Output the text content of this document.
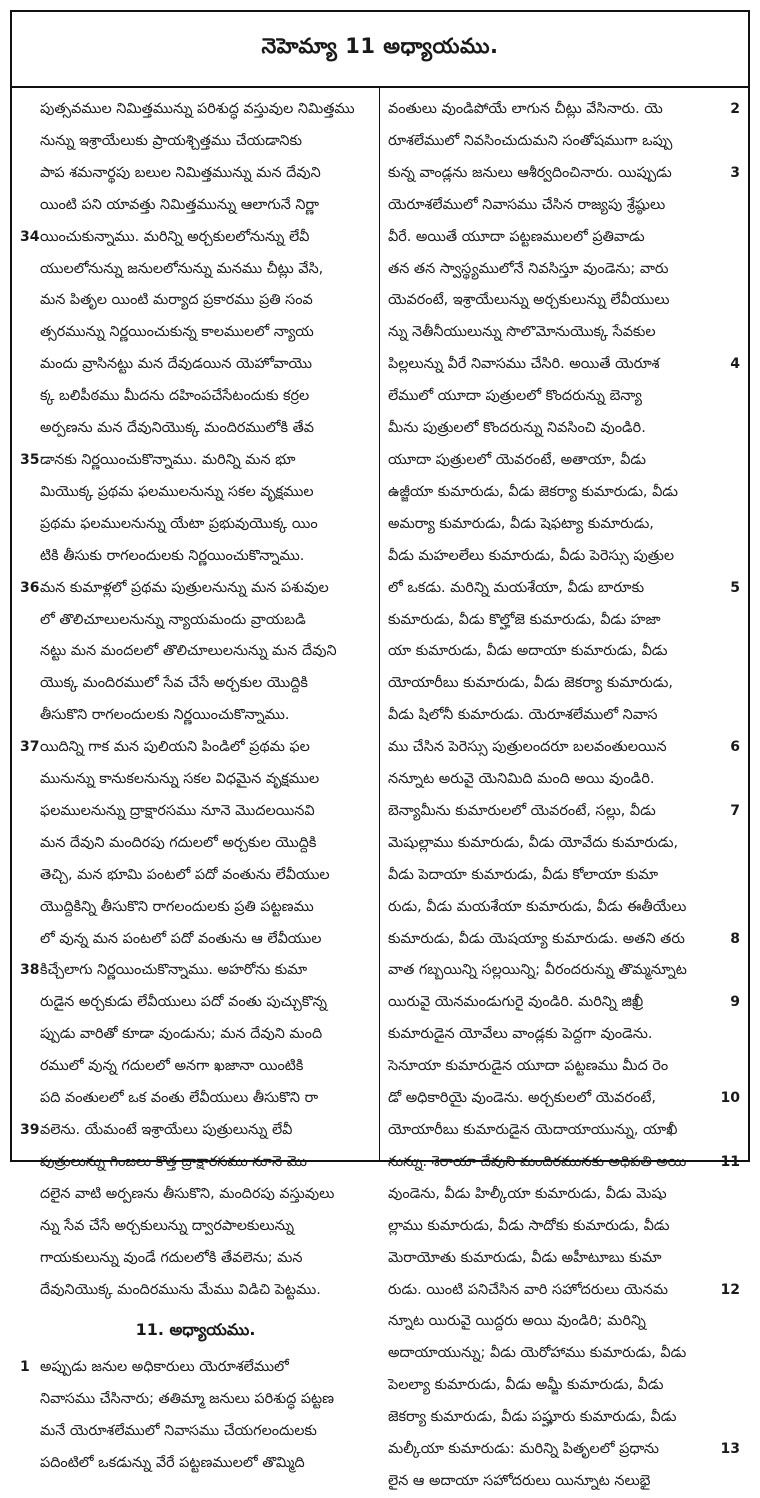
నెహెమ్యా 11 అధ్యాయము.
పుత్సవముల నిమిత్తమున్ను పరిశుద్ధ వస్తువుల నిమిత్తము
నున్ను ఇశ్రాయేలుకు ప్రాయశ్చిత్తము చేయడానికు
పాప శమనార్థపు బలుల నిమిత్తమున్ను మన దేవుని
యింటి పని యావత్తు నిమిత్తమున్ను ఆలాగునే నిర్ణా
34 యించుకున్నాము. మరిన్ని అర్చకులలోనున్ను లేవీ
యులలోనున్ను జనులలోనున్ను మనము చీట్లు వేసి,
మన పితృల యింటి మర్యాద ప్రకారము ప్రతి సంవ
త్సరమున్ను నిర్ణయించుకున్న కాలములలో న్యాయ
మందు వ్రాసినట్టు మన దేవుడయిన యెహోవాయొ
క్క బలిపీఠము మీదను దహింపచేసేటందుకు కర్రల
అర్పణను మన దేవునియొక్క మందిరములోకి తేవ
35 డానకు నిర్ణయించుకొన్నాము. మరిన్ని మన భూ
మియొక్క ప్రథమ ఫలములనున్ను సకల వృక్షముల
ప్రథమ ఫలములనున్ను యేటా ప్రభువుయొక్క యిం
టికి తీసుకు రాగలందులకు నిర్ణయించుకొన్నాము.
36 మన కుమాళ్లలో ప్రథమ పుత్రులనున్ను మన పశువుల
లో తొలిచూలులనున్ను న్యాయమందు వ్రాయబడి
నట్టు మన మందలలో తొలిచూలులనున్ను మన దేవుని
యొక్క మందిరములో సేవ చేసే అర్చకుల యొద్దికి
తీసుకొని రాగలందులకు నిర్ణయించుకొన్నాము.
37 యిదిన్ని గాక మన పులియని పిండిలో ప్రథమ ఫల
మునున్ను కానుకలనున్ను సకల విధమైన వృక్షముల
ఫలములనున్ను ద్రాక్షారసము నూనె మొదలయినవి
మన దేవుని మందిరపు గదులలో అర్చకుల యొద్దికి
తెచ్చి, మన భూమి పంటలో పదో వంతును లేవీయుల
యొద్దికిన్ని తీసుకొని రాగలందులకు ప్రతి పట్టణము
లో వున్న మన పంటలో పదో వంతును ఆ లేవీయుల
38 కిచ్చేలాగు నిర్ణయించుకొన్నాము. అహరోను కుమా
రుడైన అర్చకుడు లేవీయులు పదో వంతు పుచ్చుకొన్న
ప్పుడు వారితో కూడా వుండును; మన దేవుని మంది
రములో వున్న గదులలో అనగా ఖజానా యింటికి
పది వంతులలో ఒక వంతు లేవీయులు తీసుకొని రా
39 వలెను. యేమంటే ఇశ్రాయేలు పుత్రులున్ను లేవీ
పుత్రులున్ను గింజలు కొత్త ద్రాక్షారసము నూనె మొ
దలైన వాటి అర్పణను తీసుకొని, మందిరపు వస్తువులు
న్ను సేవ చేసే అర్చకులున్ను ద్వారపాలకులున్ను
గాయకులున్ను వుండే గదులలోకి తేవలెను; మన
దేవునియొక్క మందిరమును మేము విడిచి పెట్టము.
11. అధ్యాయము.
1 అప్పుడు జనుల అధికారులు యెరూశలేములో
నివాసము చేసినారు; తతిమ్మా జనులు పరిశుద్ధ పట్టణ
మనే యెరూశలేములో నివాసము చేయగలందులకు
పదింటిలో ఒకడున్ను వేరే పట్టణములలో తొమ్మిది
వంతులు వుండిపోయే లాగున చీట్లు వేసినారు. యె	2
రూశలేములో నివసించుదుమని సంతోషముగా ఒప్పు
కున్న వాండ్లను జనులు ఆశీర్వదించినారు. యిప్పుడు	3
యెరూశలేములో నివాసము చేసిన రాజ్యపు శ్రేష్ఠులు
వీరే. అయితే యూదా పట్టణములలో ప్రతివాడు
తన తన స్వాస్థ్యములోనే నివసిస్తూ వుండెను; వారు
యెవరంటే, ఇశ్రాయేలున్ను అర్చకులున్ను లేవీయులు
న్ను నెతీనీయులున్ను సొలొమోనుయొక్క సేవకుల
పిల్లలున్ను వీరే నివాసము చేసిరి. అయితే యెరూశ	4
లేములో యూదా పుత్రులలో కొందరున్ను బెన్యా
మీను పుత్రులలో కొందరున్ను నివసించి వుండిరి.
యూదా పుత్రులలో యెవరంటే, అతాయా, వీడు
ఉజ్జీయా కుమారుడు, వీడు జెకర్యా కుమారుడు, వీడు
అమర్యా కుమారుడు, వీడు షెఫట్యా కుమారుడు,
వీడు మహలలేలు కుమారుడు, వీడు పెరెస్సు పుత్రుల
లో ఒకడు. మరిన్ని మయశేయా, వీడు బారూకు	5
కుమారుడు, వీడు కొల్హోజె కుమారుడు, వీడు హజా
యా కుమారుడు, వీడు అదాయా కుమారుడు, వీడు
యోయారీబు కుమారుడు, వీడు జెకర్యా కుమారుడు,
వీడు షిలోనీ కుమారుడు. యెరూశలేములో నివాస
ము చేసిన పెరెస్సు పుత్రులందరూ బలవంతులయిన	6
నన్నూట అరువై యెనిమిది మంది అయి వుండిరి.
బెన్యామీను కుమారులలో యెవరంటే, సల్లు, వీడు	7
మెషుల్లాము కుమారుడు, వీడు యోవేదు కుమారుడు,
వీడు పెదాయా కుమారుడు, వీడు కోలాయా కుమా
రుడు, వీడు మయశేయా కుమారుడు, వీడు ఈతీయేలు
కుమారుడు, వీడు యెషయ్యా కుమారుడు. అతని తరు	8
వాత గబ్బయిన్ని సల్లయిన్ని; వీరందరున్ను తొమ్మన్నూట
యిరువై యెనమండుగురై వుండిరి. మరిన్ని జిఖ్రీ	9
కుమారుడైన యోవేలు వాండ్లకు పెద్దగా వుండెను.
సెనూయా కుమారుడైన యూదా పట్టణము మీద రెం
డో అధికారియై వుండెను. అర్చకులలో యెవరంటే,	10
యోయారీబు కుమారుడైన యెదాయాయున్ను, యాఖీ
నున్ను. శెరాయా దేవుని మందిరమునకు అధిపతి అయి	11
వుండెను, వీడు హిల్కీయా కుమారుడు, వీడు మెషు
ల్లాము కుమారుడు, వీడు సాదోకు కుమారుడు, వీడు
మెరాయోతు కుమారుడు, వీడు అహీటూబు కుమా
రుడు. యింటి పనిచేసిన వారి సహోదరులు యెనమ	12
న్నూట యిరువై యిద్దరు అయి వుండిరి; మరిన్ని
అదాయాయున్ను; వీడు యెరోహాము కుమారుడు, వీడు
పెలల్యా కుమారుడు, వీడు అమ్జీ కుమారుడు, వీడు
జెకర్యా కుమారుడు, వీడు పష్హూరు కుమారుడు, వీడు
మల్కీయా కుమారుడు: మరిన్ని పితృలలో ప్రధాను	13
లైన ఆ అదాయా సహోదరులు యిన్నూట నలుభై
